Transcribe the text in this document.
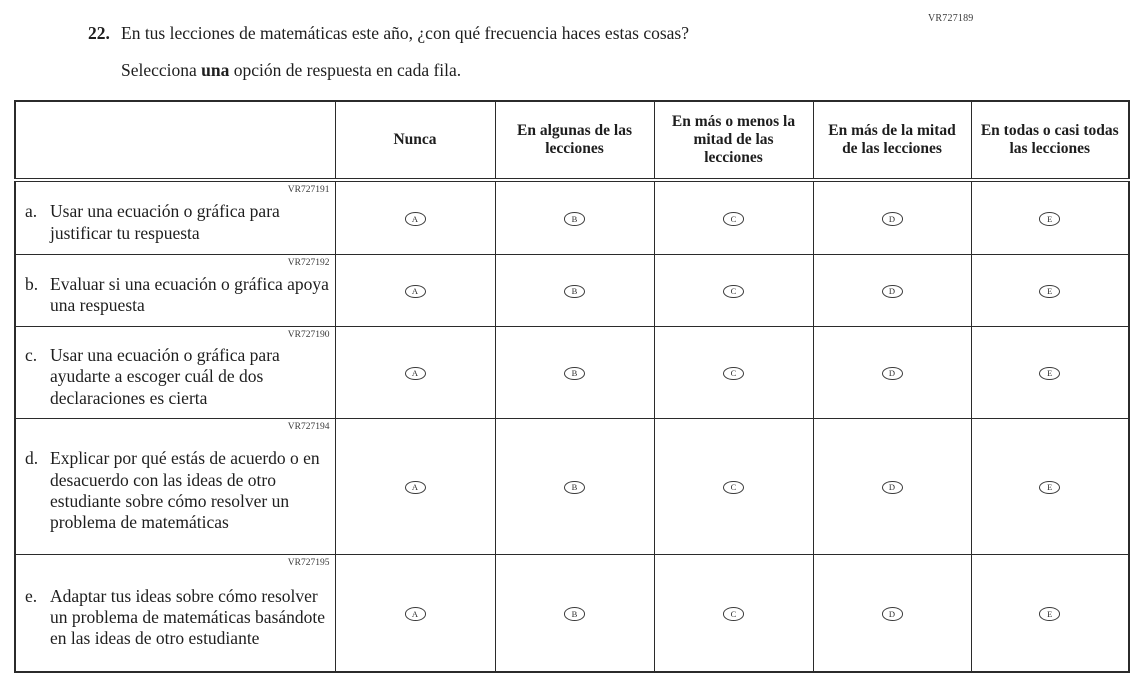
VR727189
22. En tus lecciones de matemáticas este año, ¿con qué frecuencia haces estas cosas?
Selecciona una opción de respuesta en cada fila.
	Nunca	En algunas de las lecciones	En más o menos la mitad de las lecciones	En más de la mitad de las lecciones	En todas o casi todas las lecciones

VR727191
a. Usar una ecuación o gráfica para justificar tu respuesta	A	B	C	D	E

VR727192
b. Evaluar si una ecuación o gráfica apoya una respuesta	A	B	C	D	E

VR727190
c. Usar una ecuación o gráfica para ayudarte a escoger cuál de dos declaraciones es cierta	A	B	C	D	E

VR727194
d. Explicar por qué estás de acuerdo o en desacuerdo con las ideas de otro estudiante sobre cómo resolver un problema de matemáticas	A	B	C	D	E

VR727195
e. Adaptar tus ideas sobre cómo resolver un problema de matemáticas basándote en las ideas de otro estudiante	A	B	C	D	E
